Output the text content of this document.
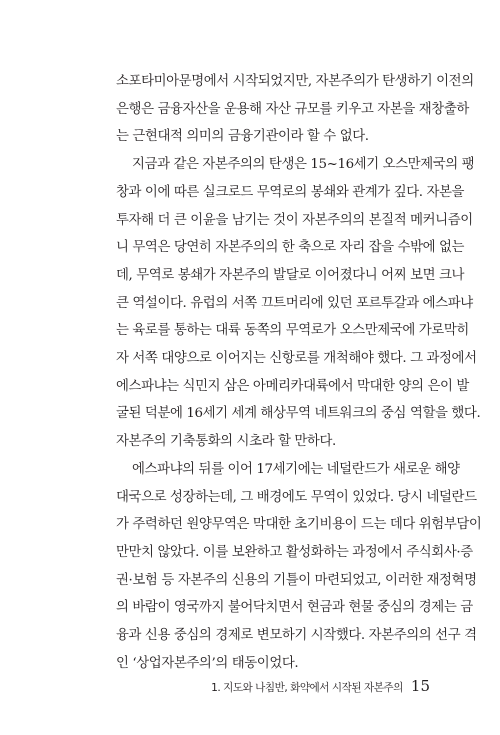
소포타미아문명에서 시작되었지만, 자본주의가 탄생하기 이전의
은행은 금융자산을 운용해 자산 규모를 키우고 자본을 재창출하
는 근현대적 의미의 금융기관이라 할 수 없다.

지금과 같은 자본주의의 탄생은 15~16세기 오스만제국의 팽
창과 이에 따른 실크로드 무역로의 봉쇄와 관계가 깊다. 자본을
투자해 더 큰 이윤을 남기는 것이 자본주의의 본질적 메커니즘이
니 무역은 당연히 자본주의의 한 축으로 자리 잡을 수밖에 없는
데, 무역로 봉쇄가 자본주의 발달로 이어졌다니 어찌 보면 크나
큰 역설이다. 유럽의 서쪽 끄트머리에 있던 포르투갈과 에스파냐
는 육로를 통하는 대륙 동쪽의 무역로가 오스만제국에 가로막히
자 서쪽 대양으로 이어지는 신항로를 개척해야 했다. 그 과정에서
에스파냐는 식민지 삼은 아메리카대륙에서 막대한 양의 은이 발
굴된 덕분에 16세기 세계 해상무역 네트워크의 중심 역할을 했다.
자본주의 기축통화의 시초라 할 만하다.

에스파냐의 뒤를 이어 17세기에는 네덜란드가 새로운 해양
대국으로 성장하는데, 그 배경에도 무역이 있었다. 당시 네덜란드
가 주력하던 원양무역은 막대한 초기비용이 드는 데다 위험부담이
만만치 않았다. 이를 보완하고 활성화하는 과정에서 주식회사·증
권·보험 등 자본주의 신용의 기틀이 마련되었고, 이러한 재정혁명
의 바람이 영국까지 불어닥치면서 현금과 현물 중심의 경제는 금
융과 신용 중심의 경제로 변모하기 시작했다. 자본주의의 선구 격
인 ‘상업자본주의’의 태동이었다.

1. 지도와 나침반, 화약에서 시작된 자본주의 15
